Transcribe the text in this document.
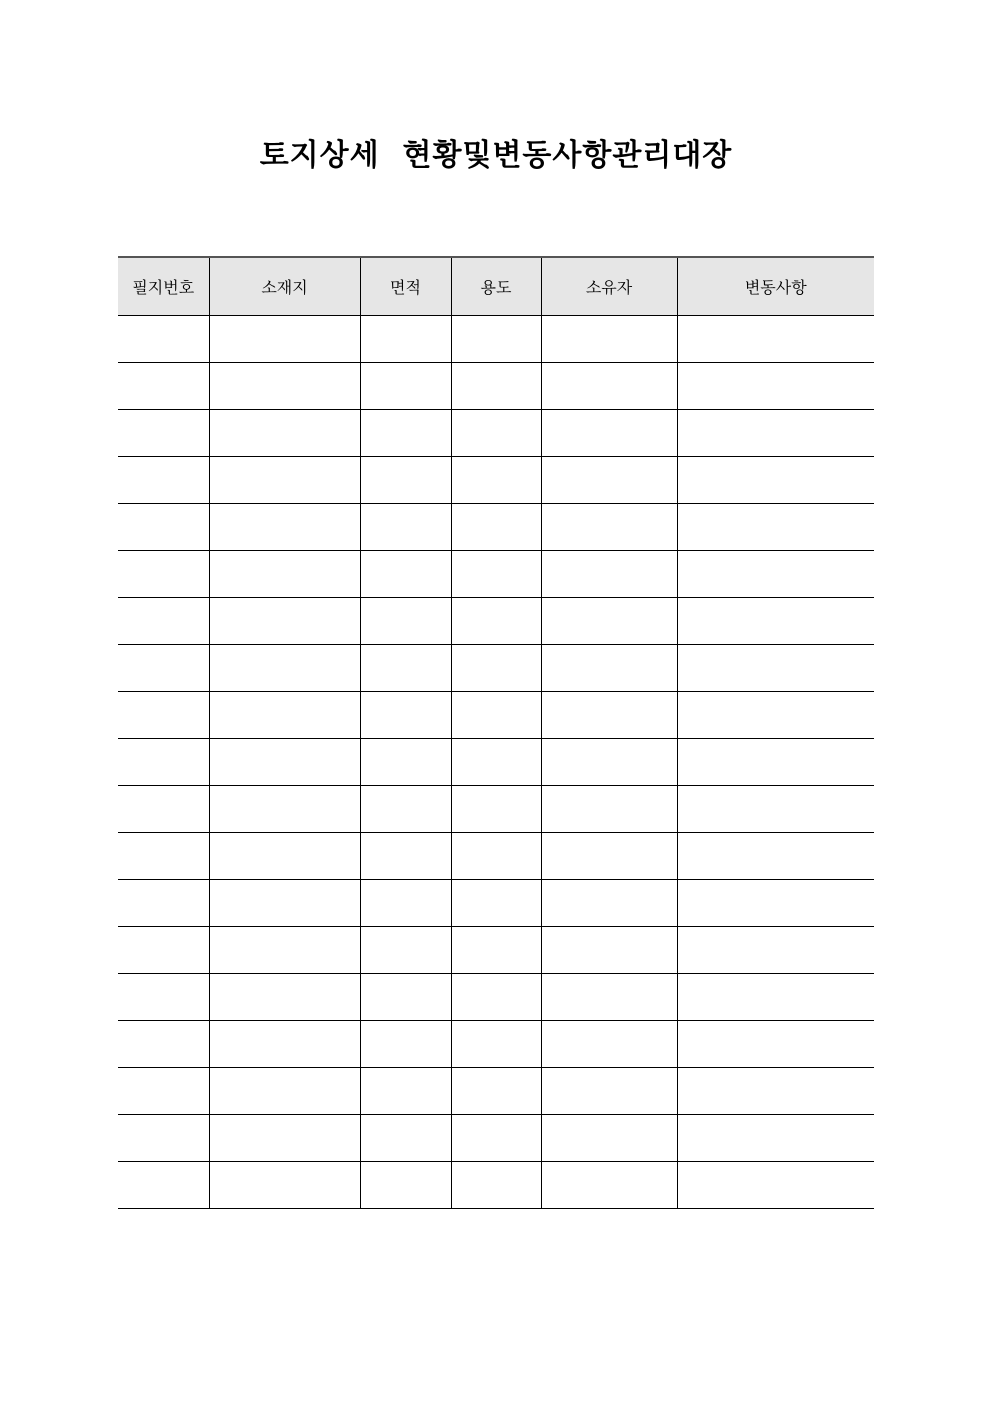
토지상세  현황및변동사항관리대장
필지번호	소재지	면적	용도	소유자	변동사항
